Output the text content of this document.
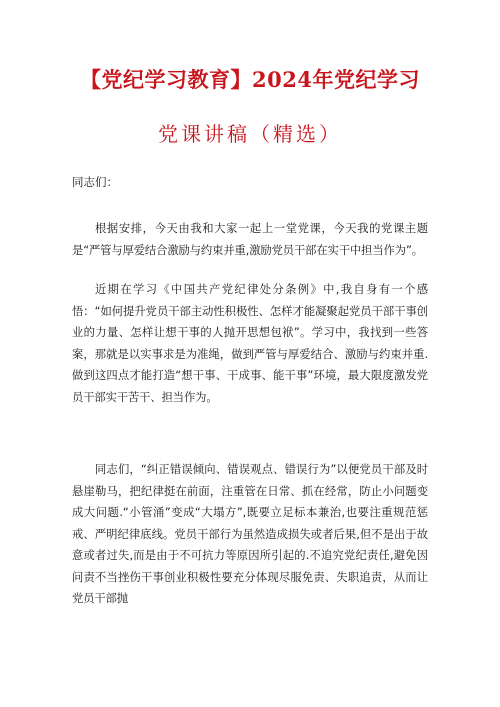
【党纪学习教育】2024年党纪学习
党课讲稿（精选）
同志们：

根据安排，今天由我和大家一起上一堂党课，今天我的党课主题是“严管与厚爱结合激励与约束并重,激励党员干部在实干中担当作为”。

近期在学习《中国共产党纪律处分条例》中,我自身有一个感悟：“如何提升党员干部主动性积极性、怎样才能凝聚起党员干部干事创业的力量、怎样让想干事的人抛开思想包袱”。学习中，我找到一些答案，那就是以实事求是为准绳，做到严管与厚爱结合、激励与约束并重.做到这四点才能打造“想干事、干成事、能干事”环境，最大限度激发党员干部实干苦干、担当作为。

同志们，“纠正错误倾向、错误观点、错误行为”以便党员干部及时悬崖勒马，把纪律挺在前面，注重管在日常、抓在经常，防止小问题变成大问题.“小管涌”变成“大塌方”,既要立足标本兼治,也要注重规范惩戒、严明纪律底线。党员干部行为虽然造成损失或者后果,但不是出于故意或者过失,而是由于不可抗力等原因所引起的.不追究党纪责任,避免因问责不当挫伤干事创业积极性要充分体现尽服免责、失职追责，从而让党员干部抛
